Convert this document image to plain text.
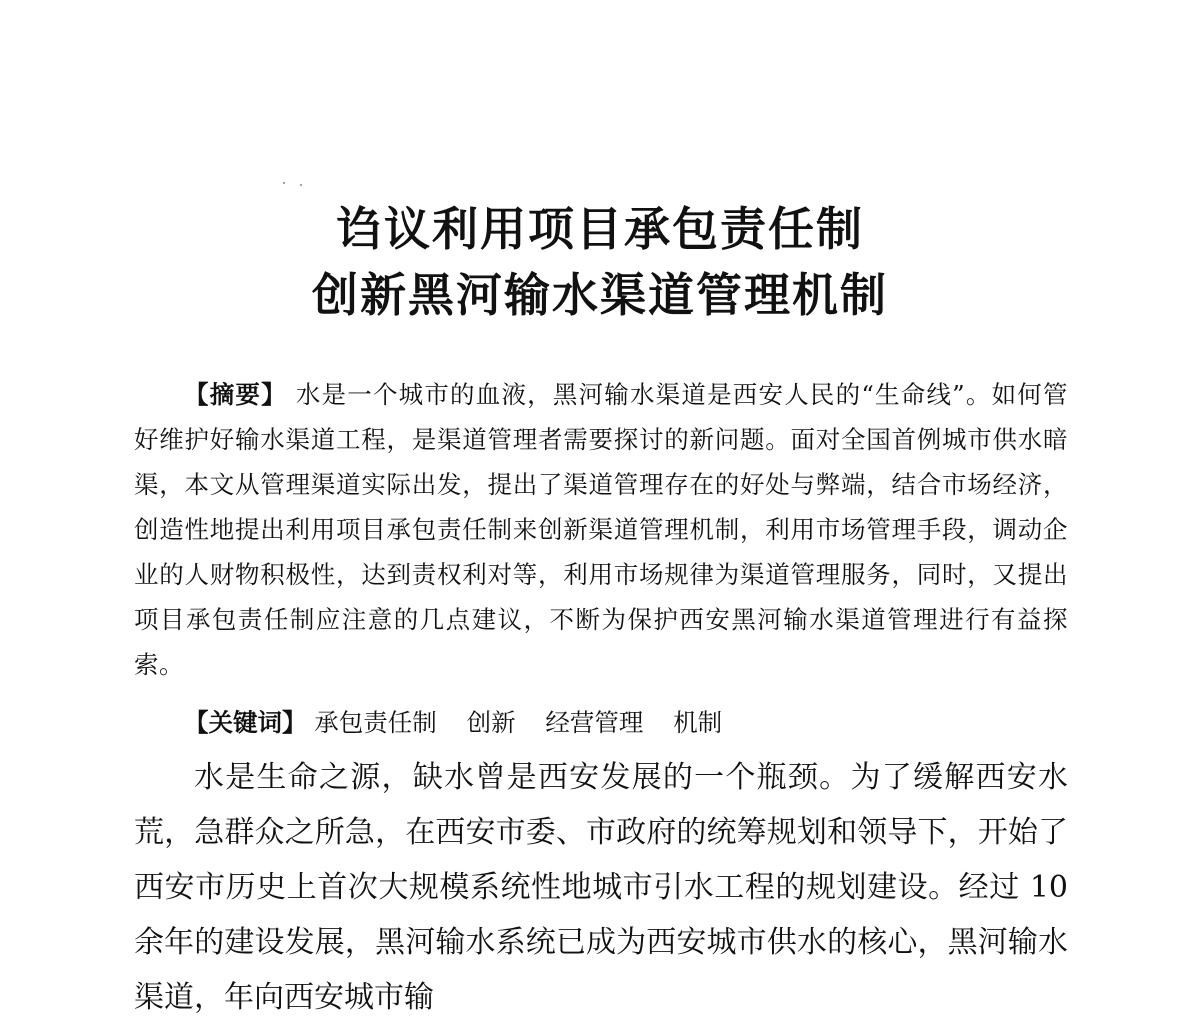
诌议利用项目承包责任制
创新黑河输水渠道管理机制

【摘要】 水是一个城市的血液，黑河输水渠道是西安人民的“生命线”。如何管好维护好输水渠道工程，是渠道管理者需要探讨的新问题。面对全国首例城市供水暗渠，本文从管理渠道实际出发，提出了渠道管理存在的好处与弊端，结合市场经济，创造性地提出利用项目承包责任制来创新渠道管理机制，利用市场管理手段，调动企业的人财物积极性，达到责权利对等，利用市场规律为渠道管理服务，同时，又提出项目承包责任制应注意的几点建议，不断为保护西安黑河输水渠道管理进行有益探索。

【关键词】 承包责任制 创新 经营管理 机制

水是生命之源，缺水曾是西安发展的一个瓶颈。为了缓解西安水荒，急群众之所急，在西安市委、市政府的统筹规划和领导下，开始了西安市历史上首次大规模系统性地城市引水工程的规划建设。经过 10 余年的建设发展，黑河输水系统已成为西安城市供水的核心，黑河输水渠道，年向西安城市输
